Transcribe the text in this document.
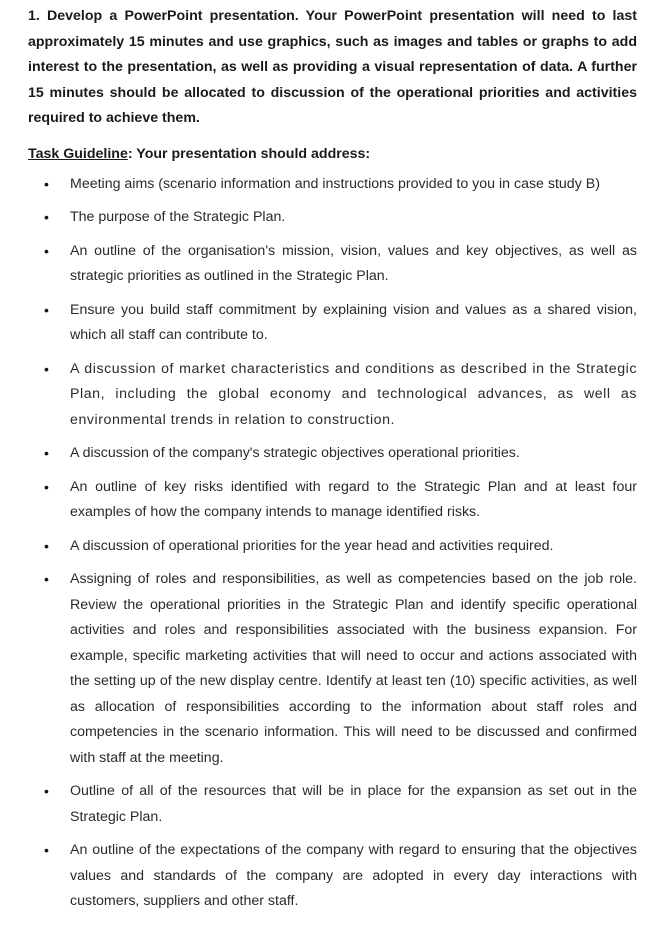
1. Develop a PowerPoint presentation. Your PowerPoint presentation will need to last approximately 15 minutes and use graphics, such as images and tables or graphs to add interest to the presentation, as well as providing a visual representation of data. A further 15 minutes should be allocated to discussion of the operational priorities and activities required to achieve them.

Task Guideline: Your presentation should address:

• Meeting aims (scenario information and instructions provided to you in case study B)
• The purpose of the Strategic Plan.
• An outline of the organisation's mission, vision, values and key objectives, as well as strategic priorities as outlined in the Strategic Plan.
• Ensure you build staff commitment by explaining vision and values as a shared vision, which all staff can contribute to.
• A discussion of market characteristics and conditions as described in the Strategic Plan, including the global economy and technological advances, as well as environmental trends in relation to construction.
• A discussion of the company's strategic objectives operational priorities.
• An outline of key risks identified with regard to the Strategic Plan and at least four examples of how the company intends to manage identified risks.
• A discussion of operational priorities for the year head and activities required.
• Assigning of roles and responsibilities, as well as competencies based on the job role. Review the operational priorities in the Strategic Plan and identify specific operational activities and roles and responsibilities associated with the business expansion. For example, specific marketing activities that will need to occur and actions associated with the setting up of the new display centre. Identify at least ten (10) specific activities, as well as allocation of responsibilities according to the information about staff roles and competencies in the scenario information. This will need to be discussed and confirmed with staff at the meeting.
• Outline of all of the resources that will be in place for the expansion as set out in the Strategic Plan.
• An outline of the expectations of the company with regard to ensuring that the objectives values and standards of the company are adopted in every day interactions with customers, suppliers and other staff.
